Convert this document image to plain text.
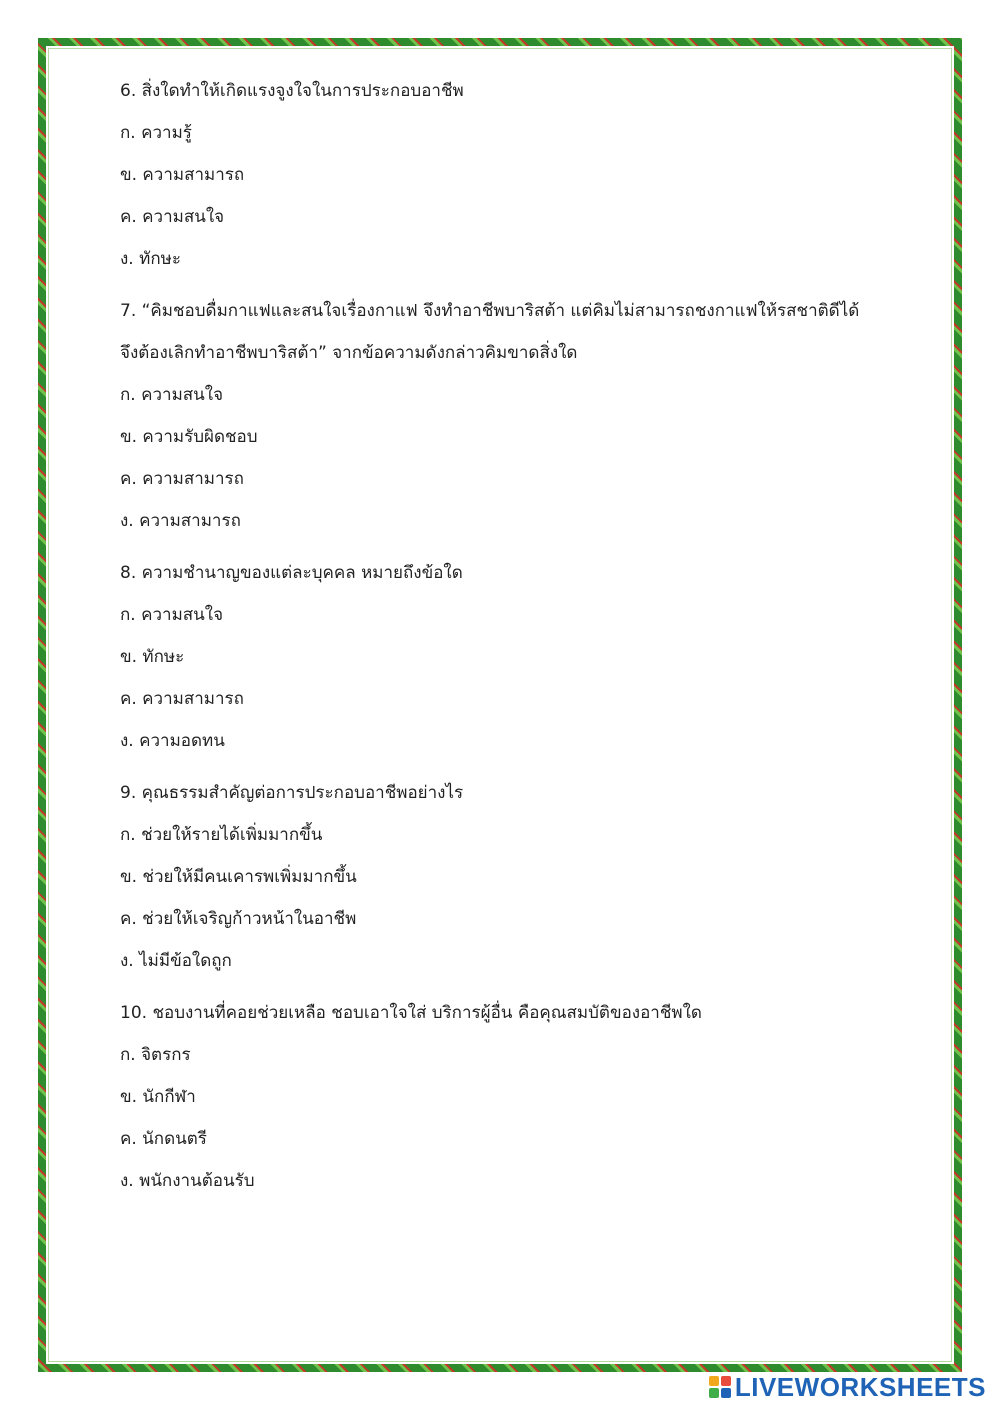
6. สิ่งใดทำให้เกิดแรงจูงใจในการประกอบอาชีพ
ก. ความรู้
ข. ความสามารถ
ค. ความสนใจ
ง. ทักษะ
7. “คิมชอบดื่มกาแฟและสนใจเรื่องกาแฟ จึงทำอาชีพบาริสต้า แต่คิมไม่สามารถชงกาแฟให้รสชาติดีได้
จึงต้องเลิกทำอาชีพบาริสต้า” จากข้อความดังกล่าวคิมขาดสิ่งใด
ก. ความสนใจ
ข. ความรับผิดชอบ
ค. ความสามารถ
ง. ความสามารถ
8. ความชำนาญของแต่ละบุคคล หมายถึงข้อใด
ก. ความสนใจ
ข. ทักษะ
ค. ความสามารถ
ง. ความอดทน
9. คุณธรรมสำคัญต่อการประกอบอาชีพอย่างไร
ก. ช่วยให้รายได้เพิ่มมากขึ้น
ข. ช่วยให้มีคนเคารพเพิ่มมากขึ้น
ค. ช่วยให้เจริญก้าวหน้าในอาชีพ
ง. ไม่มีข้อใดถูก
10. ชอบงานที่คอยช่วยเหลือ ชอบเอาใจใส่ บริการผู้อื่น คือคุณสมบัติของอาชีพใด
ก. จิตรกร
ข. นักกีฬา
ค. นักดนตรี
ง. พนักงานต้อนรับ
LIVEWORKSHEETS
